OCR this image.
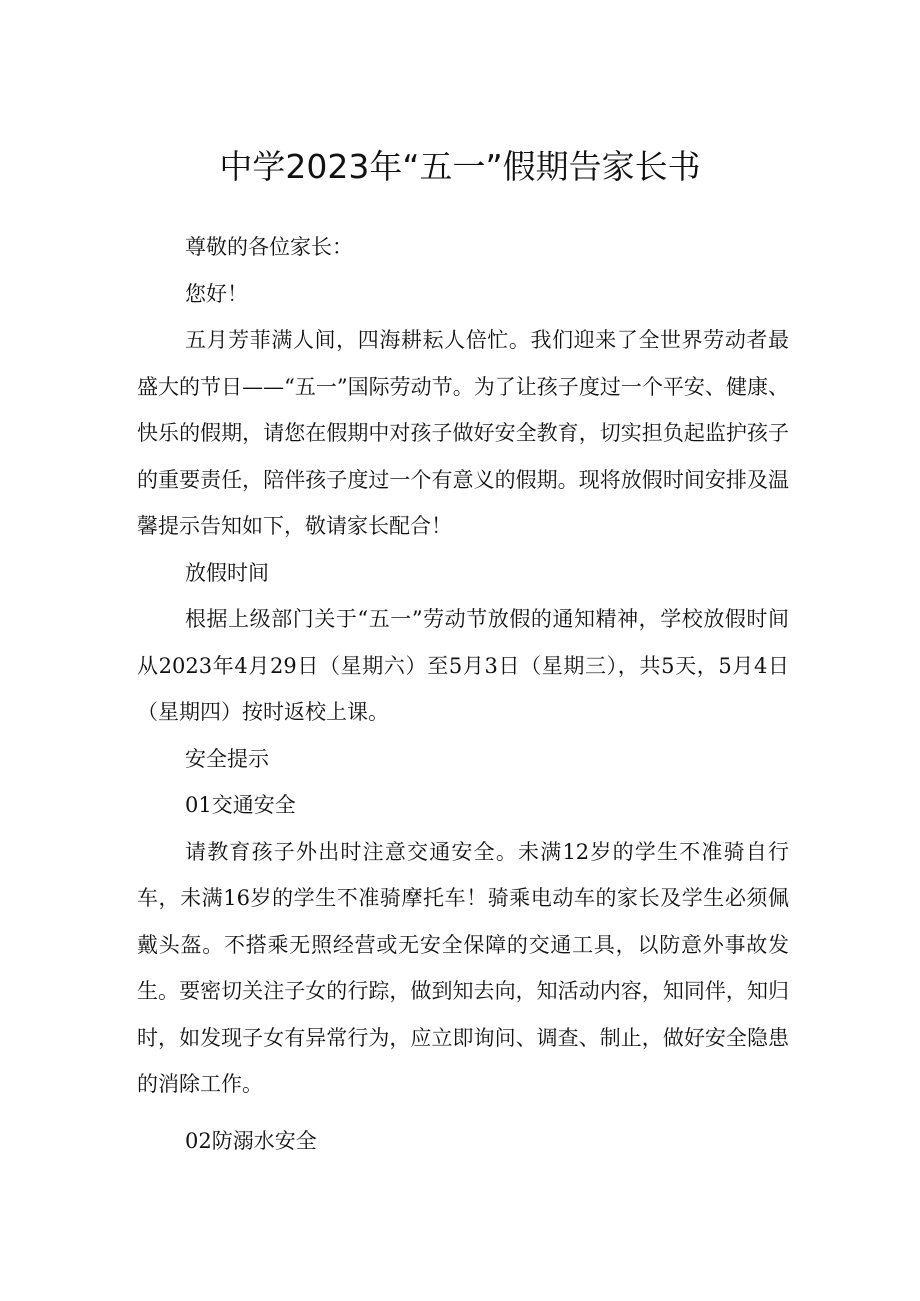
中学2023年“五一”假期告家长书

尊敬的各位家长：

您好！

五月芳菲满人间，四海耕耘人倍忙。我们迎来了全世界劳动者最盛大的节日——“五一”国际劳动节。为了让孩子度过一个平安、健康、快乐的假期，请您在假期中对孩子做好安全教育，切实担负起监护孩子的重要责任，陪伴孩子度过一个有意义的假期。现将放假时间安排及温馨提示告知如下，敬请家长配合！

放假时间

根据上级部门关于“五一”劳动节放假的通知精神，学校放假时间从2023年4月29日（星期六）至5月3日（星期三），共5天，5月4日（星期四）按时返校上课。

安全提示

01交通安全

请教育孩子外出时注意交通安全。未满12岁的学生不准骑自行车，未满16岁的学生不准骑摩托车！骑乘电动车的家长及学生必须佩戴头盔。不搭乘无照经营或无安全保障的交通工具，以防意外事故发生。要密切关注子女的行踪，做到知去向，知活动内容，知同伴，知归时，如发现子女有异常行为，应立即询问、调查、制止，做好安全隐患的消除工作。

02防溺水安全
